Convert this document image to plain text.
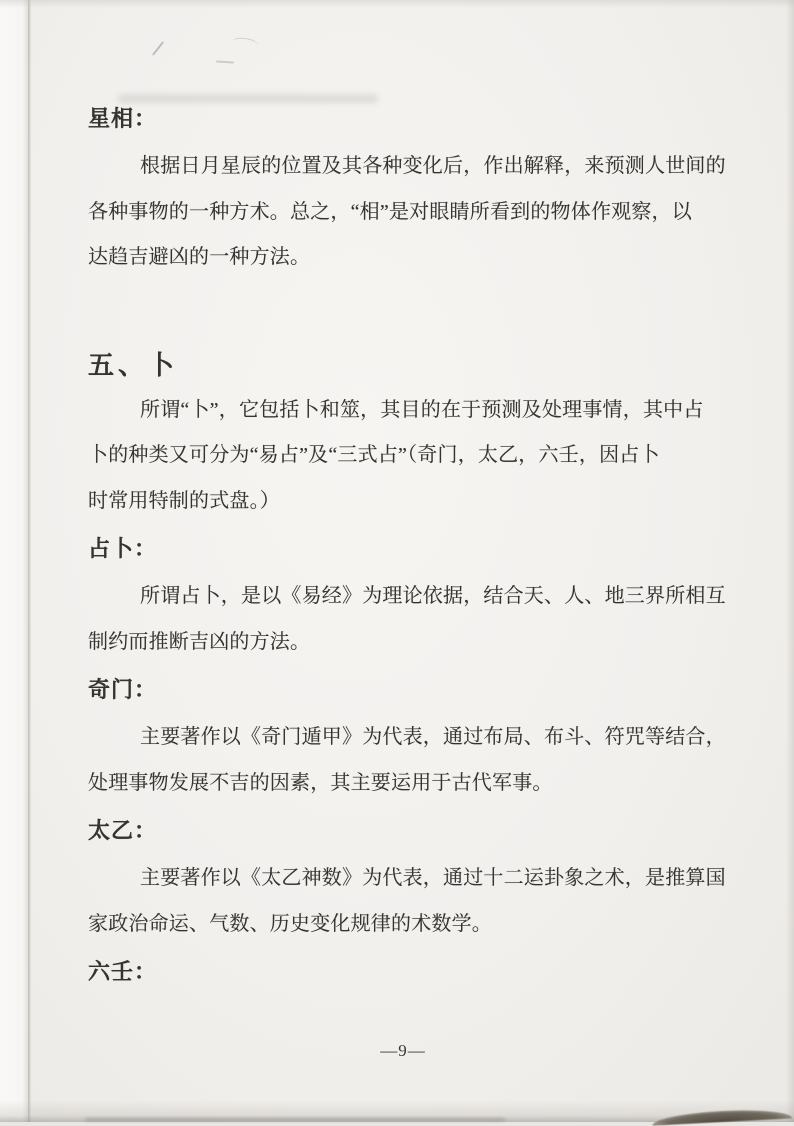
星相：
根据日月星辰的位置及其各种变化后，作出解释，来预测人世间的
各种事物的一种方术。总之，“相”是对眼睛所看到的物体作观察，以
达趋吉避凶的一种方法。
五、卜
所谓“卜”，它包括卜和筮，其目的在于预测及处理事情，其中占
卜的种类又可分为“易占”及“三式占”（奇门，太乙，六壬，因占卜
时常用特制的式盘。）
占卜：
所谓占卜，是以《易经》为理论依据，结合天、人、地三界所相互
制约而推断吉凶的方法。
奇门：
主要著作以《奇门遁甲》为代表，通过布局、布斗、符咒等结合，
处理事物发展不吉的因素，其主要运用于古代军事。
太乙：
主要著作以《太乙神数》为代表，通过十二运卦象之术，是推算国
家政治命运、气数、历史变化规律的术数学。
六壬：
—9—
